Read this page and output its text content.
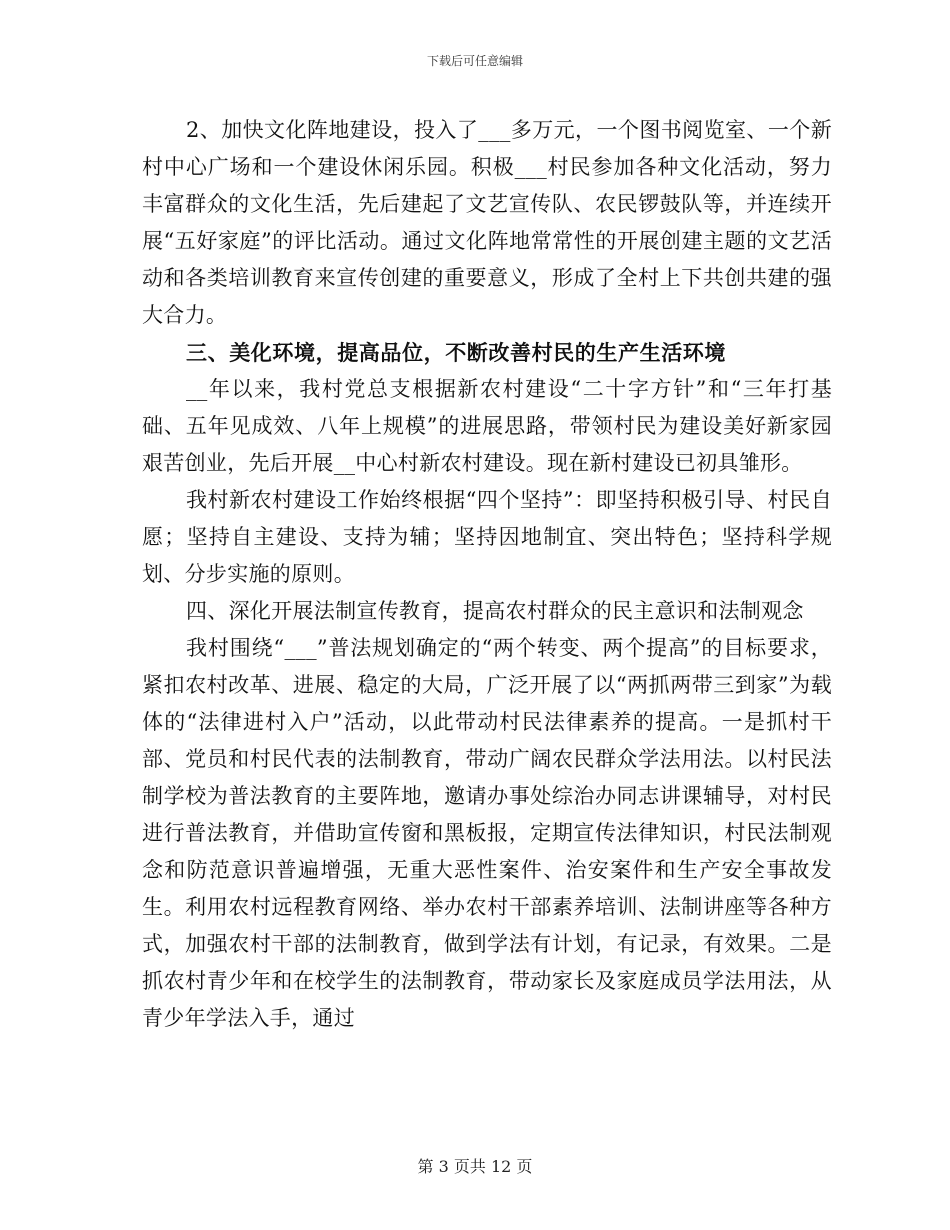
下载后可任意编辑

2、加快文化阵地建设，投入了___多万元，一个图书阅览室、一个新村中心广场和一个建设休闲乐园。积极___村民参加各种文化活动，努力丰富群众的文化生活，先后建起了文艺宣传队、农民锣鼓队等，并连续开展“五好家庭”的评比活动。通过文化阵地常常性的开展创建主题的文艺活动和各类培训教育来宣传创建的重要意义，形成了全村上下共创共建的强大合力。

三、美化环境，提高品位，不断改善村民的生产生活环境

__年以来，我村党总支根据新农村建设“二十字方针”和“三年打基础、五年见成效、八年上规模”的进展思路，带领村民为建设美好新家园艰苦创业，先后开展__中心村新农村建设。现在新村建设已初具雏形。

我村新农村建设工作始终根据“四个坚持”：即坚持积极引导、村民自愿；坚持自主建设、支持为辅；坚持因地制宜、突出特色；坚持科学规划、分步实施的原则。

四、深化开展法制宣传教育，提高农村群众的民主意识和法制观念

我村围绕“___”普法规划确定的“两个转变、两个提高”的目标要求，紧扣农村改革、进展、稳定的大局，广泛开展了以“两抓两带三到家”为载体的“法律进村入户”活动，以此带动村民法律素养的提高。一是抓村干部、党员和村民代表的法制教育，带动广阔农民群众学法用法。以村民法制学校为普法教育的主要阵地，邀请办事处综治办同志讲课辅导，对村民进行普法教育，并借助宣传窗和黑板报，定期宣传法律知识，村民法制观念和防范意识普遍增强，无重大恶性案件、治安案件和生产安全事故发生。利用农村远程教育网络、举办农村干部素养培训、法制讲座等各种方式，加强农村干部的法制教育，做到学法有计划，有记录，有效果。二是抓农村青少年和在校学生的法制教育，带动家长及家庭成员学法用法，从青少年学法入手，通过

第 3 页共 12 页
